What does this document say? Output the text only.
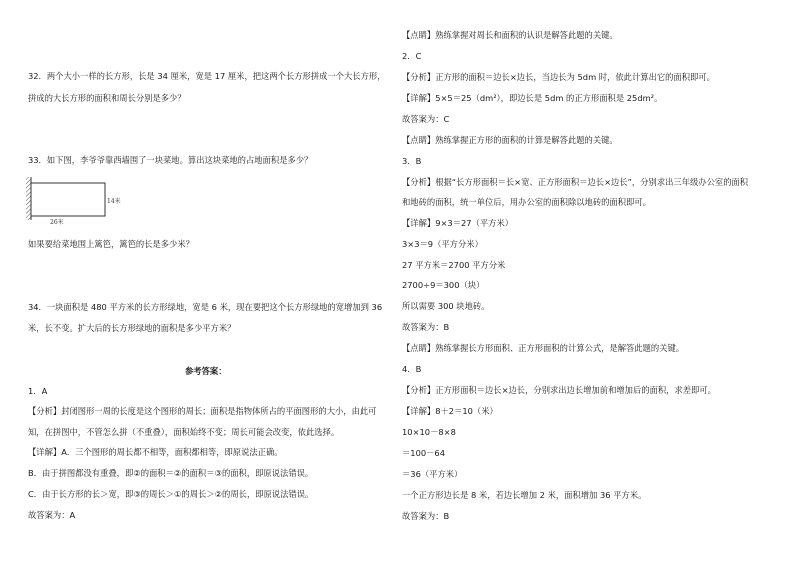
32．两个大小一样的长方形，长是 34 厘米，宽是 17 厘米，把这两个长方形拼成一个大长方形，
拼成的大长方形的面积和周长分别是多少？
33．如下图，李爷爷靠西墙围了一块菜地。算出这块菜地的占地面积是多少？
14米
26米
如果要给菜地围上篱笆，篱笆的长是多少米？
34．一块面积是 480 平方米的长方形绿地，宽是 6 米，现在要把这个长方形绿地的宽增加到 36
米，长不变。扩大后的长方形绿地的面积是多少平方米？
参考答案：
1．A
【分析】封闭图形一周的长度是这个图形的周长；面积是指物体所占的平面图形的大小，由此可
知，在拼图中，不管怎么拼（不重叠），面积始终不变；周长可能会改变，依此选择。
【详解】A．三个图形的周长都不相等，面积都相等，即原说法正确。
B．由于拼图都没有重叠，即②的面积＝②的面积＝③的面积，即原说法错误。
C．由于长方形的长＞宽，即③的周长＞①的周长＞②的周长，即原说法错误。
故答案为：A
【点睛】熟练掌握对周长和面积的认识是解答此题的关键。
2．C
【分析】正方形的面积＝边长×边长，当边长为 5dm 时，依此计算出它的面积即可。
【详解】5×5＝25（dm²），即边长是 5dm 的正方形面积是 25dm²。
故答案为：C
【点睛】熟练掌握正方形的面积的计算是解答此题的关键。
3．B
【分析】根据“长方形面积＝长×宽、正方形面积＝边长×边长”，分别求出三年级办公室的面积
和地砖的面积，统一单位后，用办公室的面积除以地砖的面积即可。
【详解】9×3＝27（平方米）
3×3＝9（平方分米）
27 平方米＝2700 平方分米
2700÷9＝300（块）
所以需要 300 块地砖。
故答案为：B
【点睛】熟练掌握长方形面积、正方形面积的计算公式，是解答此题的关键。
4．B
【分析】正方形面积＝边长×边长，分别求出边长增加前和增加后的面积，求差即可。
【详解】8＋2＝10（米）
10×10－8×8
＝100－64
＝36（平方米）
一个正方形边长是 8 米，若边长增加 2 米，面积增加 36 平方米。
故答案为：B
